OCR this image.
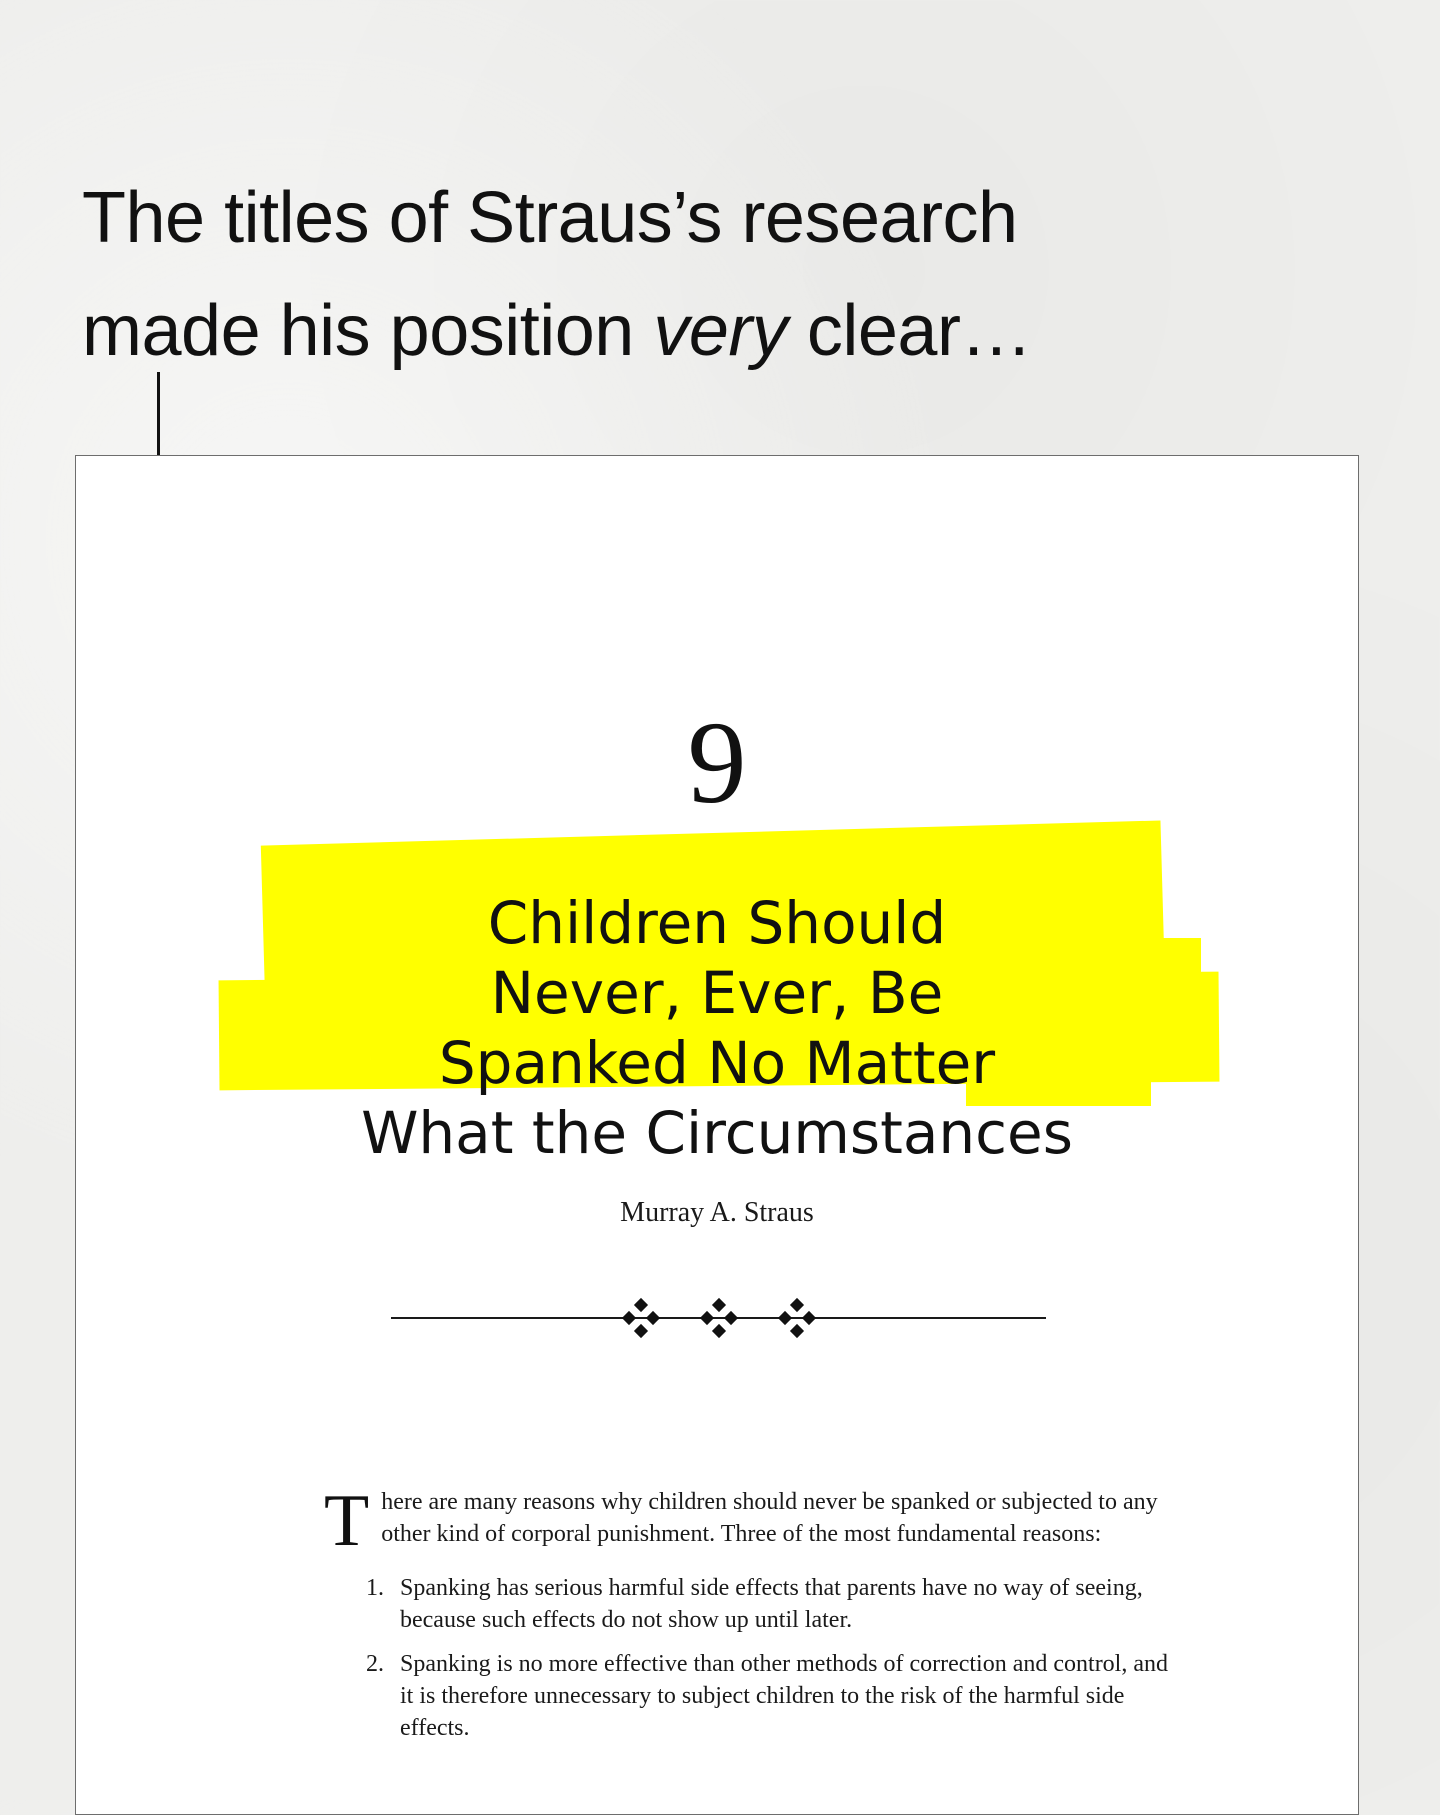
The titles of Straus’s research
made his position very clear…
9
Children Should
Never, Ever, Be
Spanked No Matter
What the Circumstances
Murray A. Straus

There are many reasons why children should never be spanked or subjected to any other kind of corporal punishment. Three of the most fundamental reasons:

1. Spanking has serious harmful side effects that parents have no way of seeing, because such effects do not show up until later.
2. Spanking is no more effective than other methods of correction and control, and it is therefore unnecessary to subject children to the risk of the harmful side effects.
